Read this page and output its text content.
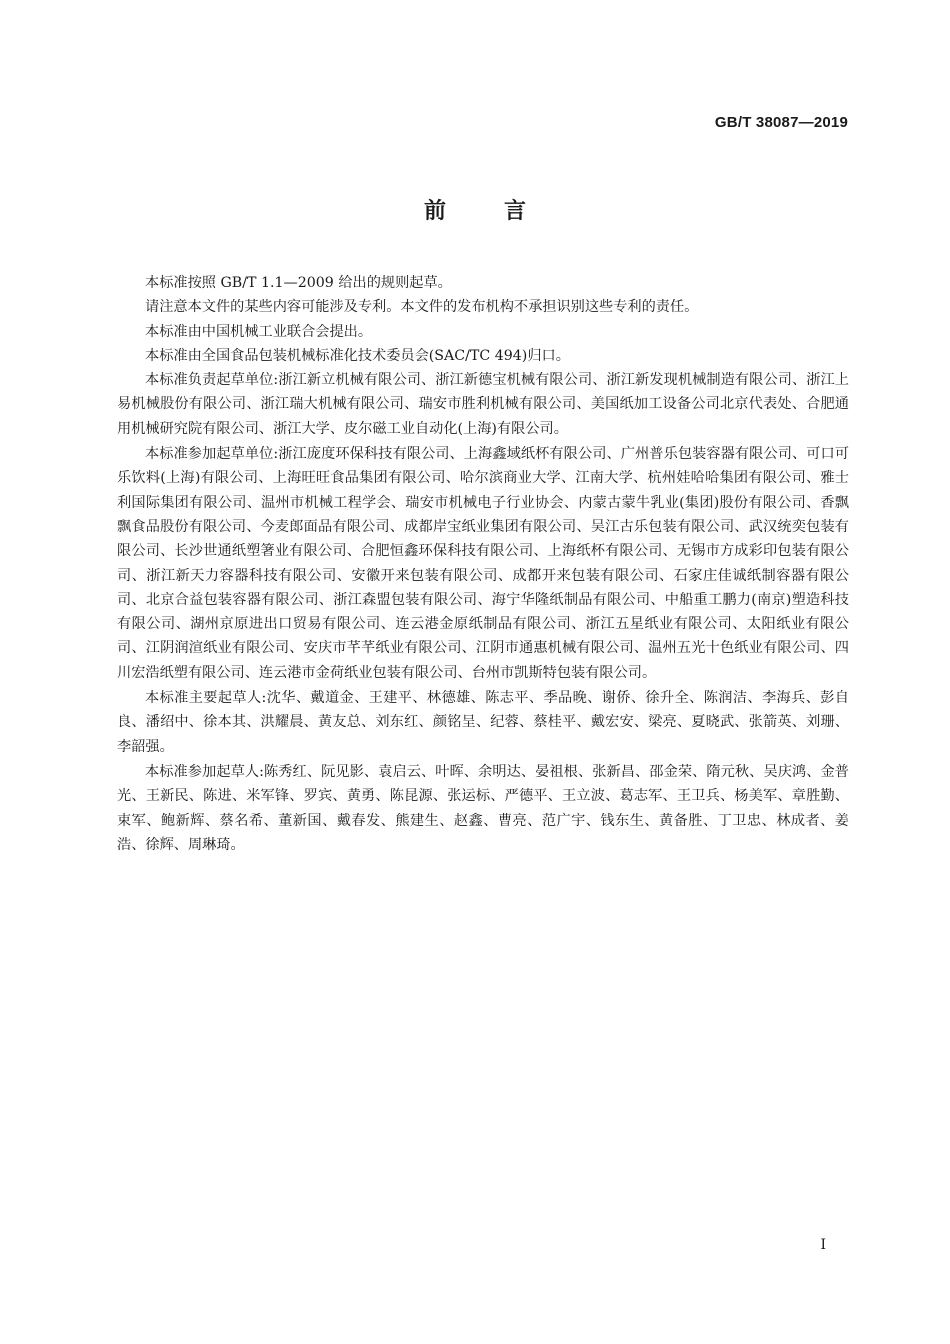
GB/T 38087—2019
前言

本标准按照 GB/T 1.1—2009 给出的规则起草。

请注意本文件的某些内容可能涉及专利。本文件的发布机构不承担识别这些专利的责任。

本标准由中国机械工业联合会提出。

本标准由全国食品包装机械标准化技术委员会(SAC/TC 494)归口。

本标准负责起草单位:浙江新立机械有限公司、浙江新德宝机械有限公司、浙江新发现机械制造有限公司、浙江上易机械股份有限公司、浙江瑞大机械有限公司、瑞安市胜利机械有限公司、美国纸加工设备公司北京代表处、合肥通用机械研究院有限公司、浙江大学、皮尔磁工业自动化(上海)有限公司。

本标准参加起草单位:浙江庞度环保科技有限公司、上海鑫域纸杯有限公司、广州普乐包装容器有限公司、可口可乐饮料(上海)有限公司、上海旺旺食品集团有限公司、哈尔滨商业大学、江南大学、杭州娃哈哈集团有限公司、雅士利国际集团有限公司、温州市机械工程学会、瑞安市机械电子行业协会、内蒙古蒙牛乳业(集团)股份有限公司、香飘飘食品股份有限公司、今麦郎面品有限公司、成都岸宝纸业集团有限公司、吴江古乐包装有限公司、武汉统奕包装有限公司、长沙世通纸塑箸业有限公司、合肥恒鑫环保科技有限公司、上海纸杯有限公司、无锡市方成彩印包装有限公司、浙江新天力容器科技有限公司、安徽开来包装有限公司、成都开来包装有限公司、石家庄佳诚纸制容器有限公司、北京合益包装容器有限公司、浙江森盟包装有限公司、海宁华隆纸制品有限公司、中船重工鹏力(南京)塑造科技有限公司、湖州京原进出口贸易有限公司、连云港金原纸制品有限公司、浙江五星纸业有限公司、太阳纸业有限公司、江阴润渲纸业有限公司、安庆市芊芊纸业有限公司、江阴市通惠机械有限公司、温州五光十色纸业有限公司、四川宏浩纸塑有限公司、连云港市金荷纸业包装有限公司、台州市凯斯特包装有限公司。

本标准主要起草人:沈华、戴道金、王建平、林德雄、陈志平、季品晚、谢侨、徐升全、陈润洁、李海兵、彭自良、潘绍中、徐本其、洪耀晨、黄友总、刘东红、颜铭呈、纪蓉、蔡桂平、戴宏安、梁亮、夏晓武、张箭英、刘珊、李韶强。

本标准参加起草人:陈秀红、阮见影、袁启云、叶晖、余明达、晏祖根、张新昌、邵金荣、隋元秋、吴庆鸿、金普光、王新民、陈进、米军锋、罗宾、黄勇、陈昆源、张运标、严德平、王立波、葛志军、王卫兵、杨美军、章胜勤、束军、鲍新辉、蔡名希、董新国、戴春发、熊建生、赵鑫、曹亮、范广宇、钱东生、黄备胜、丁卫忠、林成者、姜浩、徐辉、周琳琦。

I
